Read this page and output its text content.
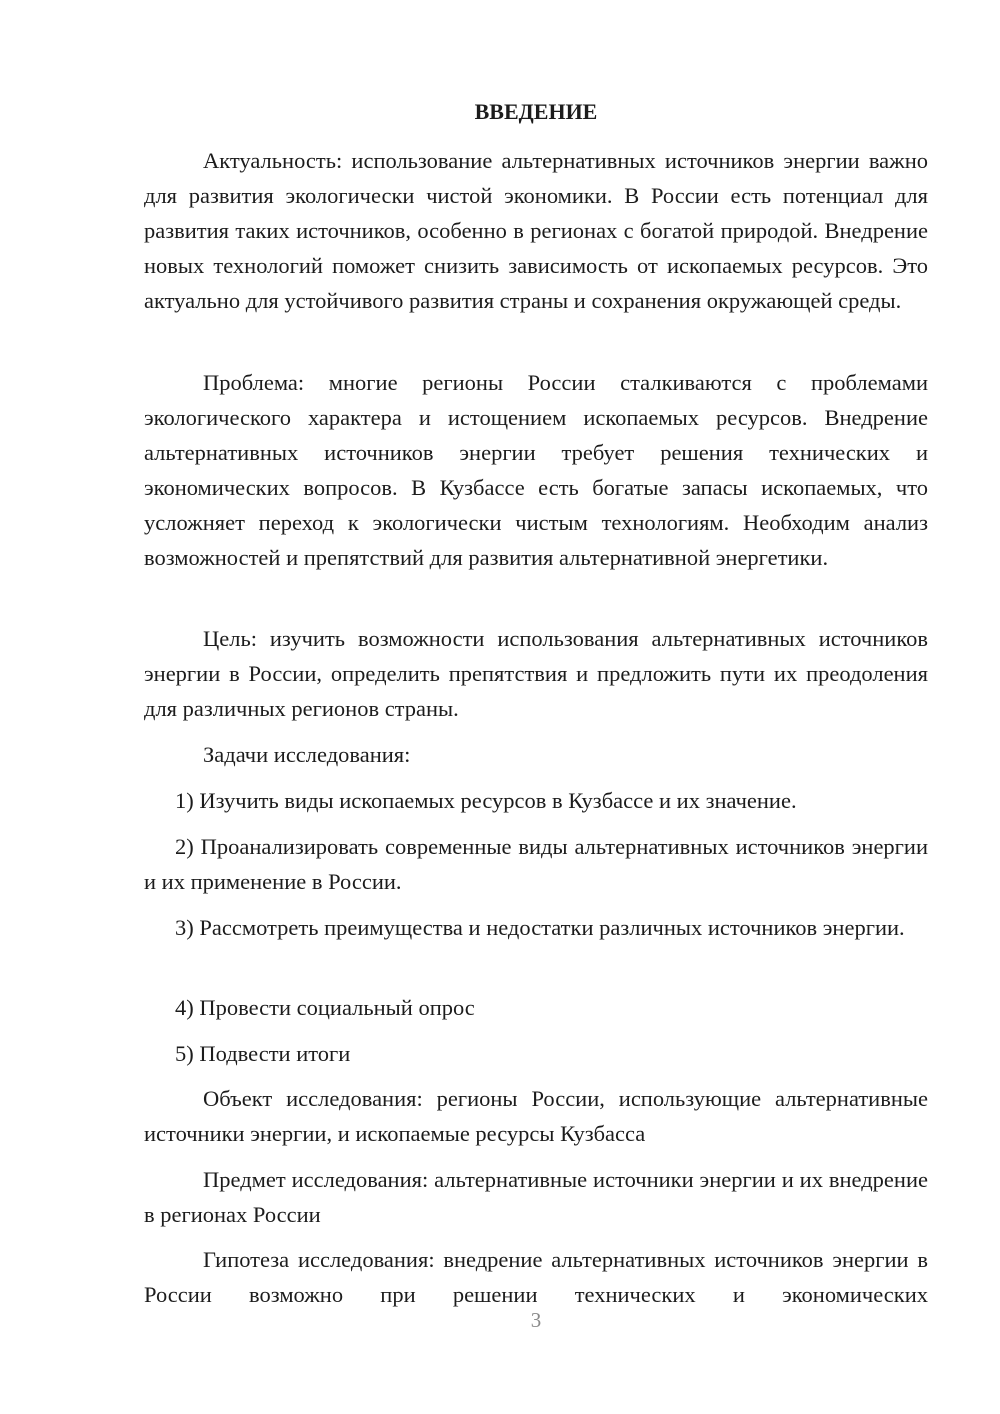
ВВЕДЕНИЕ

Актуальность: использование альтернативных источников энергии важно для развития экологически чистой экономики. В России есть потенциал для развития таких источников, особенно в регионах с богатой природой. Внедрение новых технологий поможет снизить зависимость от ископаемых ресурсов. Это актуально для устойчивого развития страны и сохранения окружающей среды.

Проблема: многие регионы России сталкиваются с проблемами экологического характера и истощением ископаемых ресурсов. Внедрение альтернативных источников энергии требует решения технических и экономических вопросов. В Кузбассе есть богатые запасы ископаемых, что усложняет переход к экологически чистым технологиям. Необходим анализ возможностей и препятствий для развития альтернативной энергетики.

Цель: изучить возможности использования альтернативных источников энергии в России, определить препятствия и предложить пути их преодоления для различных регионов страны.

Задачи исследования:

1) Изучить виды ископаемых ресурсов в Кузбассе и их значение.

2) Проанализировать современные виды альтернативных источников энергии и их применение в России.

3) Рассмотреть преимущества и недостатки различных источников энергии.

4) Провести социальный опрос

5) Подвести итоги

Объект исследования: регионы России, использующие альтернативные источники энергии, и ископаемые ресурсы Кузбасса

Предмет исследования: альтернативные источники энергии и их внедрение в регионах России

Гипотеза исследования: внедрение альтернативных источников энергии в России возможно при решении технических и экономических

3
